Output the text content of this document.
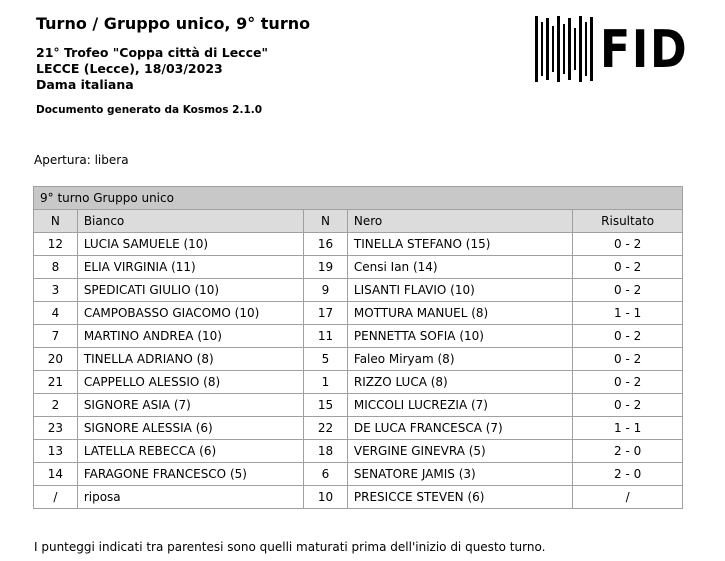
Turno / Gruppo unico, 9° turno
21° Trofeo "Coppa città di Lecce"
LECCE (Lecce), 18/03/2023
Dama italiana
Documento generato da Kosmos 2.1.0
FID
Apertura: libera
9° turno Gruppo unico				
N	Bianco	N	Nero	Risultato
12	LUCIA SAMUELE (10)	16	TINELLA STEFANO (15)	0 - 2
8	ELIA VIRGINIA (11)	19	Censi Ian (14)	0 - 2
3	SPEDICATI GIULIO (10)	9	LISANTI FLAVIO (10)	0 - 2
4	CAMPOBASSO GIACOMO (10)	17	MOTTURA MANUEL (8)	1 - 1
7	MARTINO ANDREA (10)	11	PENNETTA SOFIA (10)	0 - 2
20	TINELLA ADRIANO (8)	5	Faleo Miryam (8)	0 - 2
21	CAPPELLO ALESSIO (8)	1	RIZZO LUCA (8)	0 - 2
2	SIGNORE ASIA (7)	15	MICCOLI LUCREZIA (7)	0 - 2
23	SIGNORE ALESSIA (6)	22	DE LUCA FRANCESCA (7)	1 - 1
13	LATELLA REBECCA (6)	18	VERGINE GINEVRA (5)	2 - 0
14	FARAGONE FRANCESCO (5)	6	SENATORE JAMIS (3)	2 - 0
/	riposa	10	PRESICCE STEVEN (6)	/
I punteggi indicati tra parentesi sono quelli maturati prima dell'inizio di questo turno.
